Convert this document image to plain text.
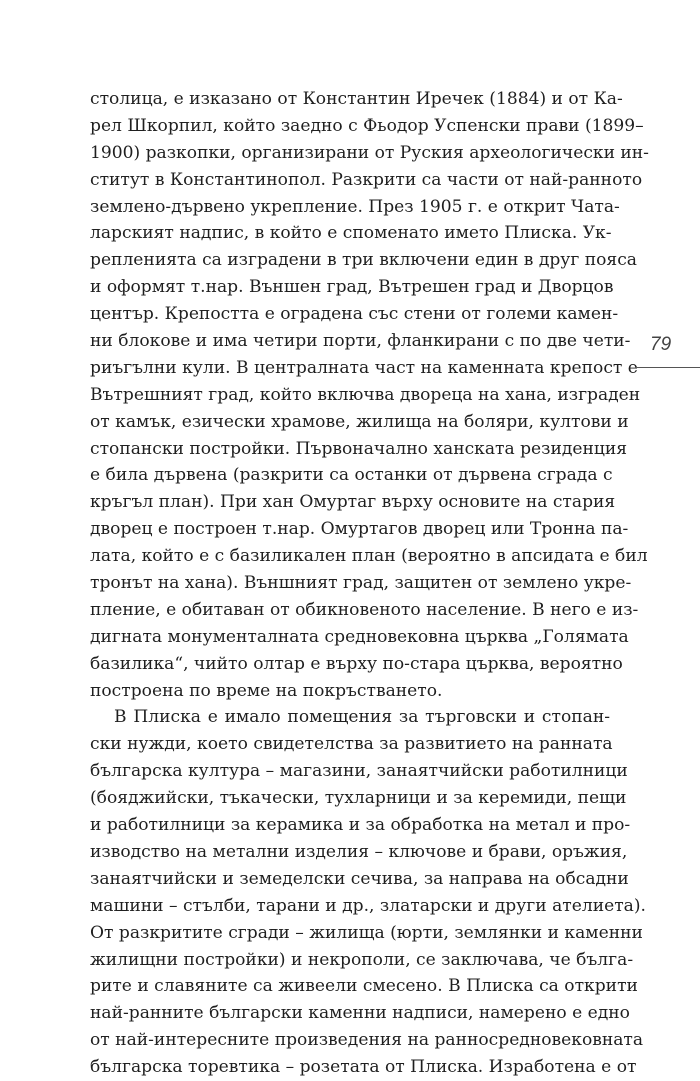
столица, е изказано от Константин Иречек (1884) и от Ка-
рел Шкорпил, който заедно с Фьодор Успенски прави (1899–
1900) разкопки, организирани от Руския археологически ин-
ститут в Константинопол. Разкрити са части от най-ранното
землено-дървено укрепление. През 1905 г. е открит Чата-
ларският надпис, в който е споменато името Плиска. Ук-
репленията са изградени в три включени един в друг пояса
и оформят т.нар. Външен град, Вътрешен град и Дворцов
център. Крепостта е оградена със стени от големи камен-
ни блокове и има четири порти, фланкирани с по две чети-
риъгълни кули. В централната част на каменната крепост е
Вътрешният град, който включва двореца на хана, изграден
от камък, езически храмове, жилища на боляри, култови и
стопански постройки. Първоначално ханската резиденция
е била дървена (разкрити са останки от дървена сграда с
кръгъл план). При хан Омуртаг върху основите на стария
дворец е построен т.нар. Омуртагов дворец или Тронна па-
лата, който е с базиликален план (вероятно в апсидата е бил
тронът на хана). Външният град, защитен от землено укре-
пление, е обитаван от обикновеното население. В него е из-
дигната монументалната средновековна църква „Голямата
базилика“, чийто олтар е върху по-стара църква, вероятно
построена по време на покръстването.
В Плиска е имало помещения за търговски и стопан-
ски нужди, което свидетелства за развитието на ранната
българска култура – магазини, занаятчийски работилници
(бояджийски, тъкачески, тухларници и за керемиди, пещи
и работилници за керамика и за обработка на метал и про-
изводство на метални изделия – ключове и брави, оръжия,
занаятчийски и земеделски сечива, за направа на обсадни
машини – стълби, тарани и др., златарски и други ателиета).
От разкритите сгради – жилища (юрти, землянки и каменни
жилищни постройки) и некрополи, се заключава, че бълга-
рите и славяните са живеели смесено. В Плиска са открити
най-ранните български каменни надписи, намерено е едно
от най-интересните произведения на ранносредновековната
българска торевтика – розетата от Плиска. Изработена е от
79
